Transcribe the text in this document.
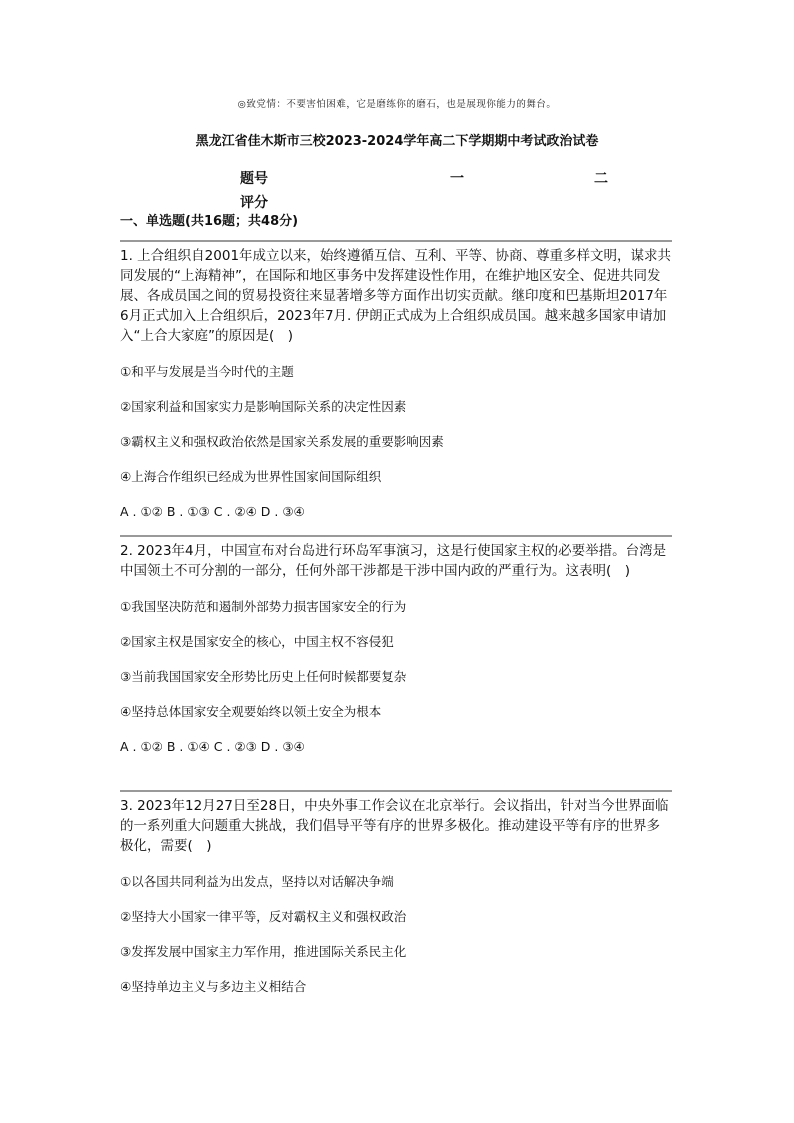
◎致党情：不要害怕困难，它是磨练你的磨石，也是展现你能力的舞台。
黑龙江省佳木斯市三校2023-2024学年高二下学期期中考试政治试卷
题号	一	二
评分
一、单选题(共16题；共48分)
1. 上合组织自2001年成立以来，始终遵循互信、互利、平等、协商、尊重多样文明，谋求共同发展的“上海精神”，在国际和地区事务中发挥建设性作用，在维护地区安全、促进共同发展、各成员国之间的贸易投资往来显著增多等方面作出切实贡献。继印度和巴基斯坦2017年6月正式加入上合组织后，2023年7月. 伊朗正式成为上合组织成员国。越来越多国家申请加入“上合大家庭”的原因是(　)
①和平与发展是当今时代的主题
②国家利益和国家实力是影响国际关系的决定性因素
③霸权主义和强权政治依然是国家关系发展的重要影响因素
④上海合作组织已经成为世界性国家间国际组织
A . ①② B . ①③ C . ②④ D . ③④
2. 2023年4月，中国宣布对台岛进行环岛军事演习，这是行使国家主权的必要举措。台湾是中国领土不可分割的一部分，任何外部干涉都是干涉中国内政的严重行为。这表明(　)
①我国坚决防范和遏制外部势力损害国家安全的行为
②国家主权是国家安全的核心，中国主权不容侵犯
③当前我国国家安全形势比历史上任何时候都要复杂
④坚持总体国家安全观要始终以领土安全为根本
A . ①② B . ①④ C . ②③ D . ③④
3. 2023年12月27日至28日，中央外事工作会议在北京举行。会议指出，针对当今世界面临的一系列重大问题重大挑战，我们倡导平等有序的世界多极化。推动建设平等有序的世界多极化，需要(　)
①以各国共同利益为出发点，坚持以对话解决争端
②坚持大小国家一律平等，反对霸权主义和强权政治
③发挥发展中国家主力军作用，推进国际关系民主化
④坚持单边主义与多边主义相结合
